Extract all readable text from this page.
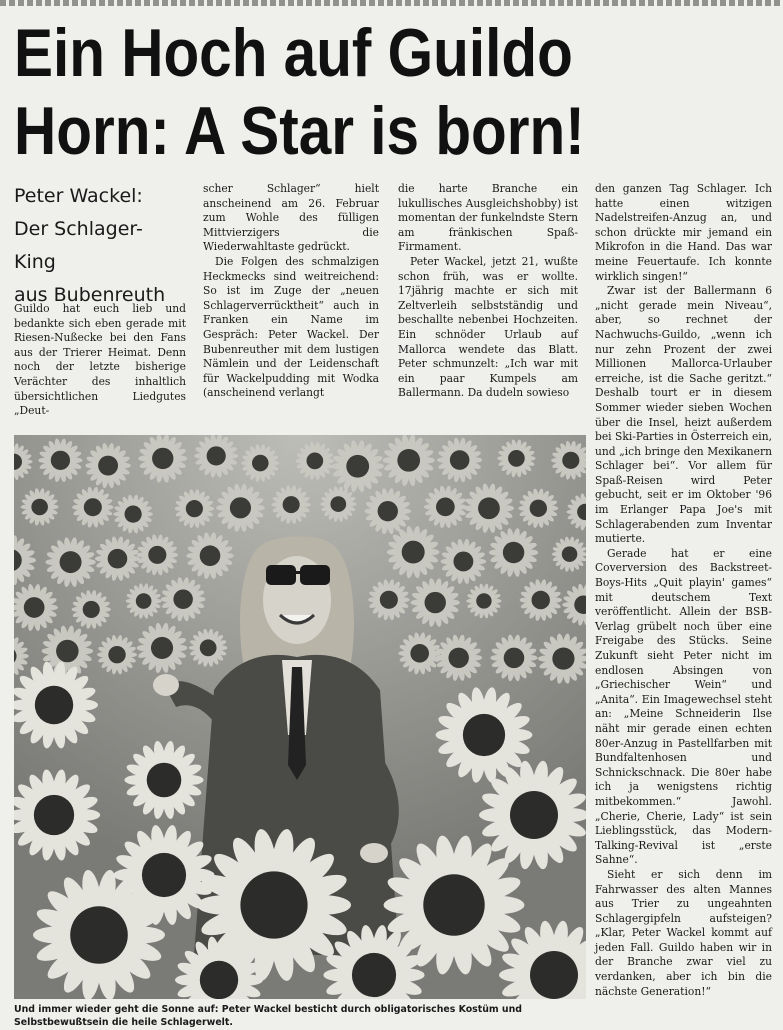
Ein Hoch auf Guildo
Horn: A Star is born!
Peter Wackel:
Der Schlager-King
aus Bubenreuth

Guildo hat euch lieb und bedankte sich eben gerade mit Riesen-Nußecke bei den Fans aus der Trierer Heimat. Denn noch der letzte bisherige Verächter des inhaltlich übersichtlichen Liedgutes „Deut-

scher Schlager“ hielt anscheinend am 26. Februar zum Wohle des fülligen Mittvierzigers die Wiederwahltaste gedrückt.

Die Folgen des schmalzigen Heckmecks sind weitreichend: So ist im Zuge der „neuen Schlagerverrücktheit“ auch in Franken ein Name im Gespräch: Peter Wackel. Der Bubenreuther mit dem lustigen Nämlein und der Leidenschaft für Wackelpudding mit Wodka (anscheinend verlangt

die harte Branche ein lukullisches Ausgleichshobby) ist momentan der funkelndste Stern am fränkischen Spaß-Firmament.

Peter Wackel, jetzt 21, wußte schon früh, was er wollte. 17jährig machte er sich mit Zeltverleih selbstständig und beschallte nebenbei Hochzeiten. Ein schnöder Urlaub auf Mallorca wendete das Blatt. Peter schmunzelt: „Ich war mit ein paar Kumpels am Ballermann. Da dudeln sowieso

den ganzen Tag Schlager. Ich hatte einen witzigen Nadelstreifen-Anzug an, und schon drückte mir jemand ein Mikrofon in die Hand. Das war meine Feuertaufe. Ich konnte wirklich singen!“

Zwar ist der Ballermann 6 „nicht gerade mein Niveau“, aber, so rechnet der Nachwuchs-Guildo, „wenn ich nur zehn Prozent der zwei Millionen Mallorca-Urlauber erreiche, ist die Sache geritzt.“ Deshalb tourt er in diesem Sommer wieder sieben Wochen über die Insel, heizt außerdem bei Ski-Parties in Österreich ein, und „ich bringe den Mexikanern Schlager bei“. Vor allem für Spaß-Reisen wird Peter gebucht, seit er im Oktober '96 im Erlanger Papa Joe's mit Schlagerabenden zum Inventar mutierte.

Gerade hat er eine Coverversion des Backstreet-Boys-Hits „Quit playin' games“ mit deutschem Text veröffentlicht. Allein der BSB-Verlag grübelt noch über eine Freigabe des Stücks. Seine Zukunft sieht Peter nicht im endlosen Absingen von „Griechischer Wein“ und „Anita“. Ein Imagewechsel steht an: „Meine Schneiderin Ilse näht mir gerade einen echten 80er-Anzug in Pastellfarben mit Bundfaltenhosen und Schnickschnack. Die 80er habe ich ja wenigstens richtig mitbekommen.“ Jawohl. „Cherie, Cherie, Lady“ ist sein Lieblingsstück, das Modern-Talking-Revival ist „erste Sahne“.

Sieht er sich denn im Fahrwasser des alten Mannes aus Trier zu ungeahnten Schlagergipfeln aufsteigen? „Klar, Peter Wackel kommt auf jeden Fall. Guildo haben wir in der Branche zwar viel zu verdanken, aber ich bin die nächste Generation!“

Und immer wieder geht die Sonne auf: Peter Wackel besticht durch obligatorisches Kostüm und Selbstbewußtsein die heile Schlagerwelt.
